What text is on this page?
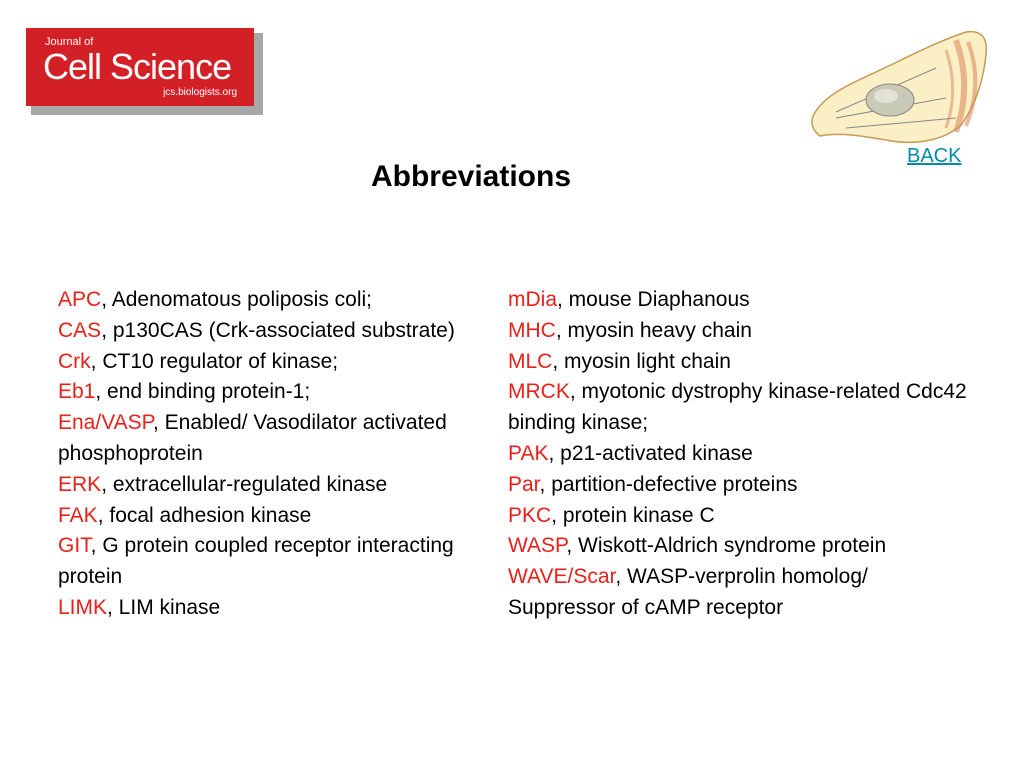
Journal of
Cell Science
jcs.biologists.org
BACK
Abbreviations
APC, Adenomatous poliposis coli;
CAS, p130CAS (Crk-associated substrate)
Crk, CT10 regulator of kinase;
Eb1, end binding protein-1;
Ena/VASP, Enabled/ Vasodilator activated phosphoprotein
ERK, extracellular-regulated kinase
FAK, focal adhesion kinase
GIT, G protein coupled receptor interacting protein
LIMK, LIM kinase
mDia, mouse Diaphanous
MHC, myosin heavy chain
MLC, myosin light chain
MRCK, myotonic dystrophy kinase-related Cdc42 binding kinase;
PAK, p21-activated kinase
Par, partition-defective proteins
PKC, protein kinase C
WASP, Wiskott-Aldrich syndrome protein
WAVE/Scar, WASP-verprolin homolog/ Suppressor of cAMP receptor
